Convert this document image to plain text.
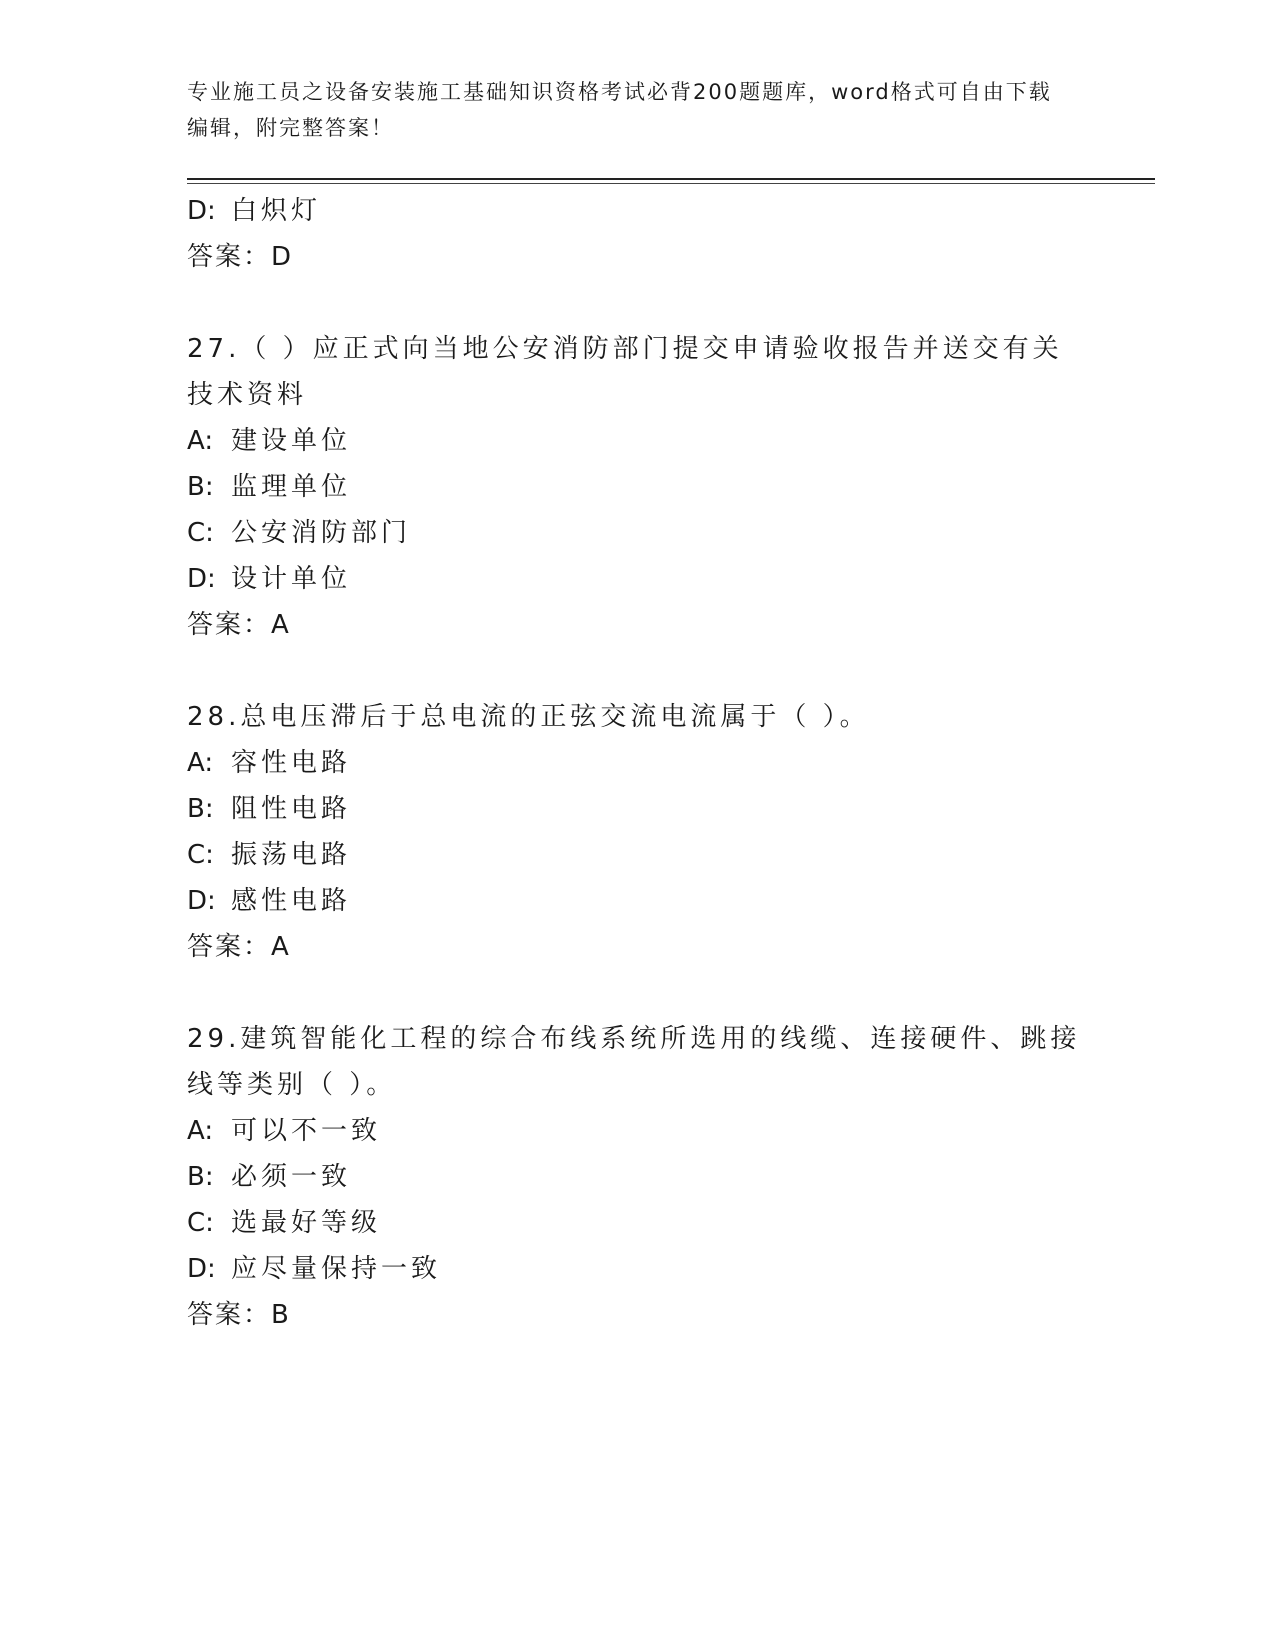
专业施工员之设备安装施工基础知识资格考试必背200题题库，word格式可自由下载编辑，附完整答案！
D: 白炽灯
答案：D
27.（ ）应正式向当地公安消防部门提交申请验收报告并送交有关技术资料
A: 建设单位
B: 监理单位
C: 公安消防部门
D: 设计单位
答案：A
28.总电压滞后于总电流的正弦交流电流属于（ ）。
A: 容性电路
B: 阻性电路
C: 振荡电路
D: 感性电路
答案：A
29.建筑智能化工程的综合布线系统所选用的线缆、连接硬件、跳接线等类别（ ）。
A: 可以不一致
B: 必须一致
C: 选最好等级
D: 应尽量保持一致
答案：B
